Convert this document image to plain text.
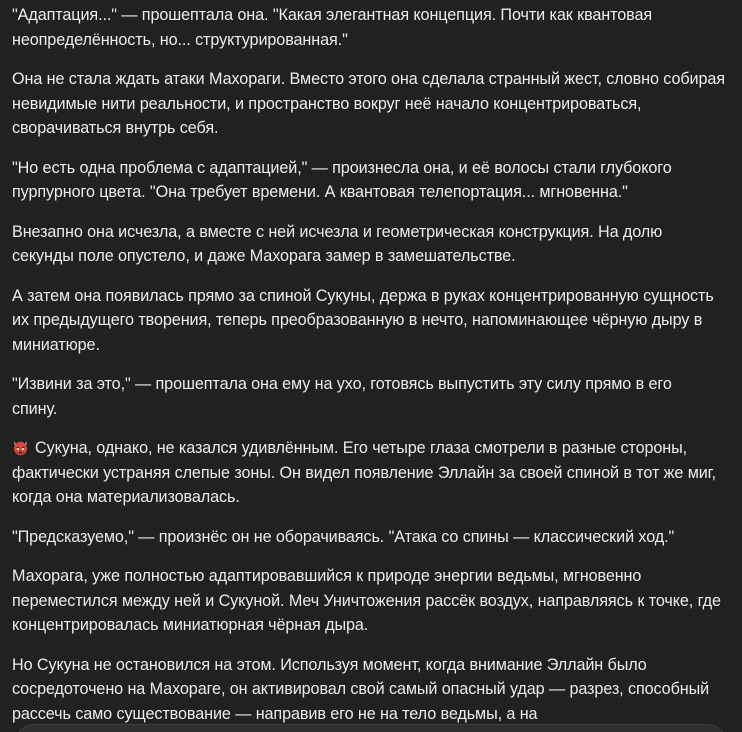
"Адаптация..." — прошептала она. "Какая элегантная концепция. Почти как квантовая неопределённость, но... структурированная."

Она не стала ждать атаки Махораги. Вместо этого она сделала странный жест, словно собирая невидимые нити реальности, и пространство вокруг неё начало концентрироваться, сворачиваться внутрь себя.

"Но есть одна проблема с адаптацией," — произнесла она, и её волосы стали глубокого пурпурного цвета. "Она требует времени. А квантовая телепортация... мгновенна."

Внезапно она исчезла, а вместе с ней исчезла и геометрическая конструкция. На долю секунды поле опустело, и даже Махорага замер в замешательстве.

А затем она появилась прямо за спиной Сукуны, держа в руках концентрированную сущность их предыдущего творения, теперь преобразованную в нечто, напоминающее чёрную дыру в миниатюре.

"Извини за это," — прошептала она ему на ухо, готовясь выпустить эту силу прямо в его спину.

Сукуна, однако, не казался удивлённым. Его четыре глаза смотрели в разные стороны, фактически устраняя слепые зоны. Он видел появление Эллайн за своей спиной в тот же миг, когда она материализовалась.

"Предсказуемо," — произнёс он не оборачиваясь. "Атака со спины — классический ход."

Махорага, уже полностью адаптировавшийся к природе энергии ведьмы, мгновенно переместился между ней и Сукуной. Меч Уничтожения рассёк воздух, направляясь к точке, где концентрировалась миниатюрная чёрная дыра.

Но Сукуна не остановился на этом. Используя момент, когда внимание Эллайн было сосредоточено на Махораге, он активировал свой самый опасный удар — разрез, способный рассечь само существование — направив его не на тело ведьмы, а на
